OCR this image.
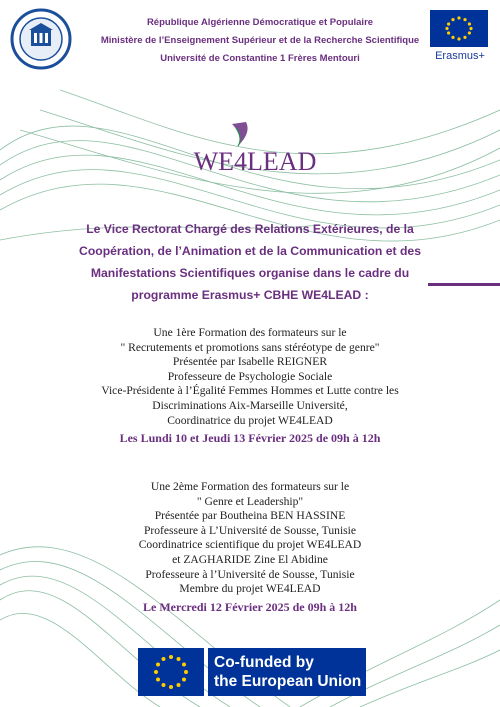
République Algérienne Démocratique et Populaire
Ministère de l’Enseignement Supérieur et de la Recherche Scientifique
Université de Constantine 1 Frères Mentouri	Erasmus+
WE4LEAD
Le Vice Rectorat Chargé des Relations Extérieures, de la
Coopération, de l’Animation et de la Communication et des
Manifestations Scientifiques organise dans le cadre du
programme Erasmus+ CBHE WE4LEAD :
Une 1ère Formation des formateurs sur le
" Recrutements et promotions sans stéréotype de genre"
Présentée par Isabelle REIGNER
Professeure de Psychologie Sociale
Vice-Présidente à l’Égalité Femmes Hommes et Lutte contre les
Discriminations Aix-Marseille Université,
Coordinatrice du projet WE4LEAD
Les Lundi 10 et Jeudi 13 Février 2025 de 09h à 12h
Une 2ème Formation des formateurs sur le
" Genre et Leadership"
Présentée par Boutheina BEN HASSINE
Professeure à L’Université de Sousse, Tunisie
Coordinatrice scientifique du projet WE4LEAD
et ZAGHARIDE Zine El Abidine
Professeure à l’Université de Sousse, Tunisie
Membre du projet WE4LEAD
Le Mercredi 12 Février 2025 de 09h à 12h
Co-funded by
the European Union
